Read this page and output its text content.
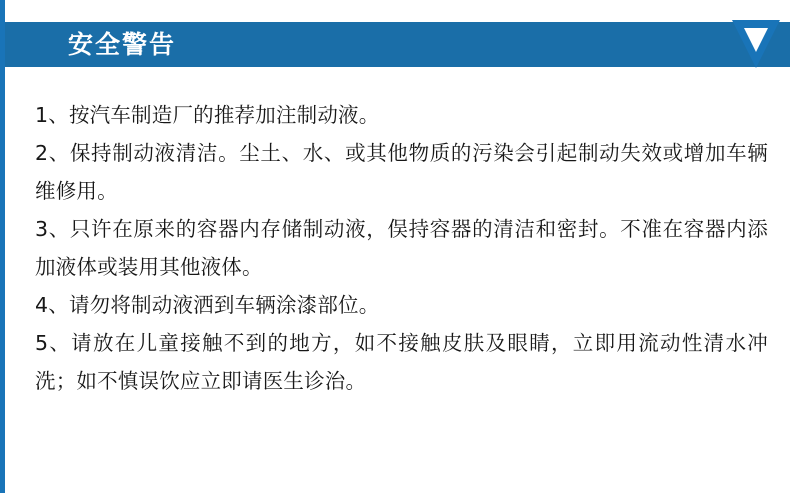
安全警告

1、按汽车制造厂的推荐加注制动液。

2、保持制动液清洁。尘土、水、或其他物质的污染会引起制动失效或增加车辆维修用。

3、只许在原来的容器内存储制动液，俣持容器的清洁和密封。不准在容器内添加液体或装用其他液体。

4、请勿将制动液洒到车辆涂漆部位。

5、请放在儿童接触不到的地方，如不接触皮肤及眼睛，立即用流动性清水冲洗；如不慎误饮应立即请医生诊治。
